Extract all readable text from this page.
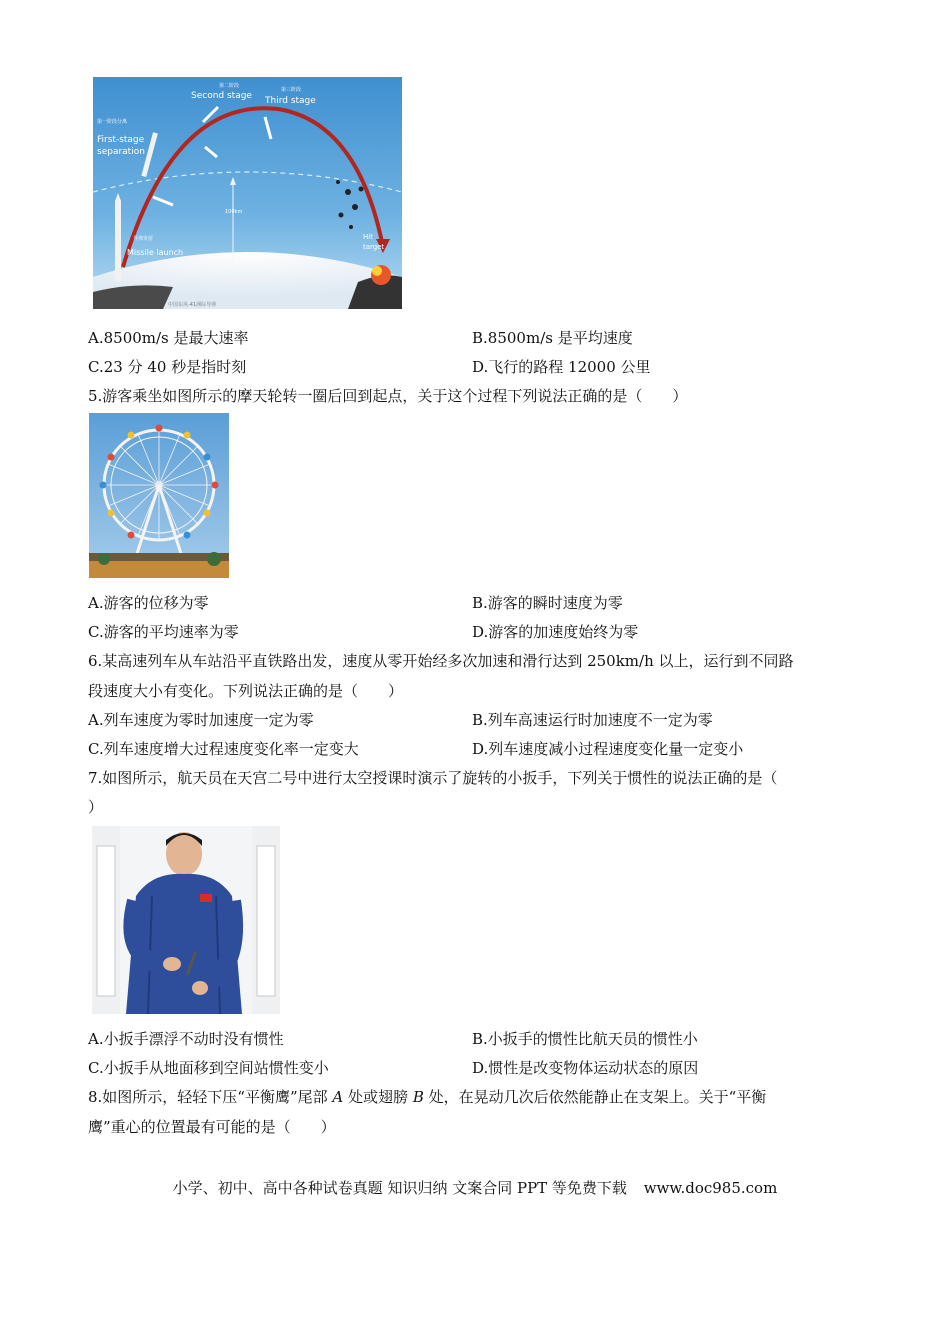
第二阶段
Second stage
第三阶段
Third stage
第一阶段分离
First-stage
separation
导弹发射
Missile launch
Hit
target
100km
中国东风-41洲际导弹
A.8500m/s 是最大速率	B.8500m/s 是平均速度
C.23 分 40 秒是指时刻	D.飞行的路程 12000 公里
5.游客乘坐如图所示的摩天轮转一圈后回到起点，关于这个过程下列说法正确的是（　　）
A.游客的位移为零	B.游客的瞬时速度为零
C.游客的平均速率为零	D.游客的加速度始终为零
6.某高速列车从车站沿平直铁路出发，速度从零开始经多次加速和滑行达到 250km/h 以上，运行到不同路
段速度大小有变化。下列说法正确的是（　　）
A.列车速度为零时加速度一定为零	B.列车高速运行时加速度不一定为零
C.列车速度增大过程速度变化率一定变大	D.列车速度减小过程速度变化量一定变小
7.如图所示，航天员在天宫二号中进行太空授课时演示了旋转的小扳手，下列关于惯性的说法正确的是（
）
A.小扳手漂浮不动时没有惯性	B.小扳手的惯性比航天员的惯性小
C.小扳手从地面移到空间站惯性变小	D.惯性是改变物体运动状态的原因
8.如图所示，轻轻下压“平衡鹰”尾部 A 处或翅膀 B 处，在晃动几次后依然能静止在支架上。关于“平衡
鹰”重心的位置最有可能的是（　　）
小学、初中、高中各种试卷真题 知识归纳 文案合同 PPT 等免费下载 www.doc985.com
